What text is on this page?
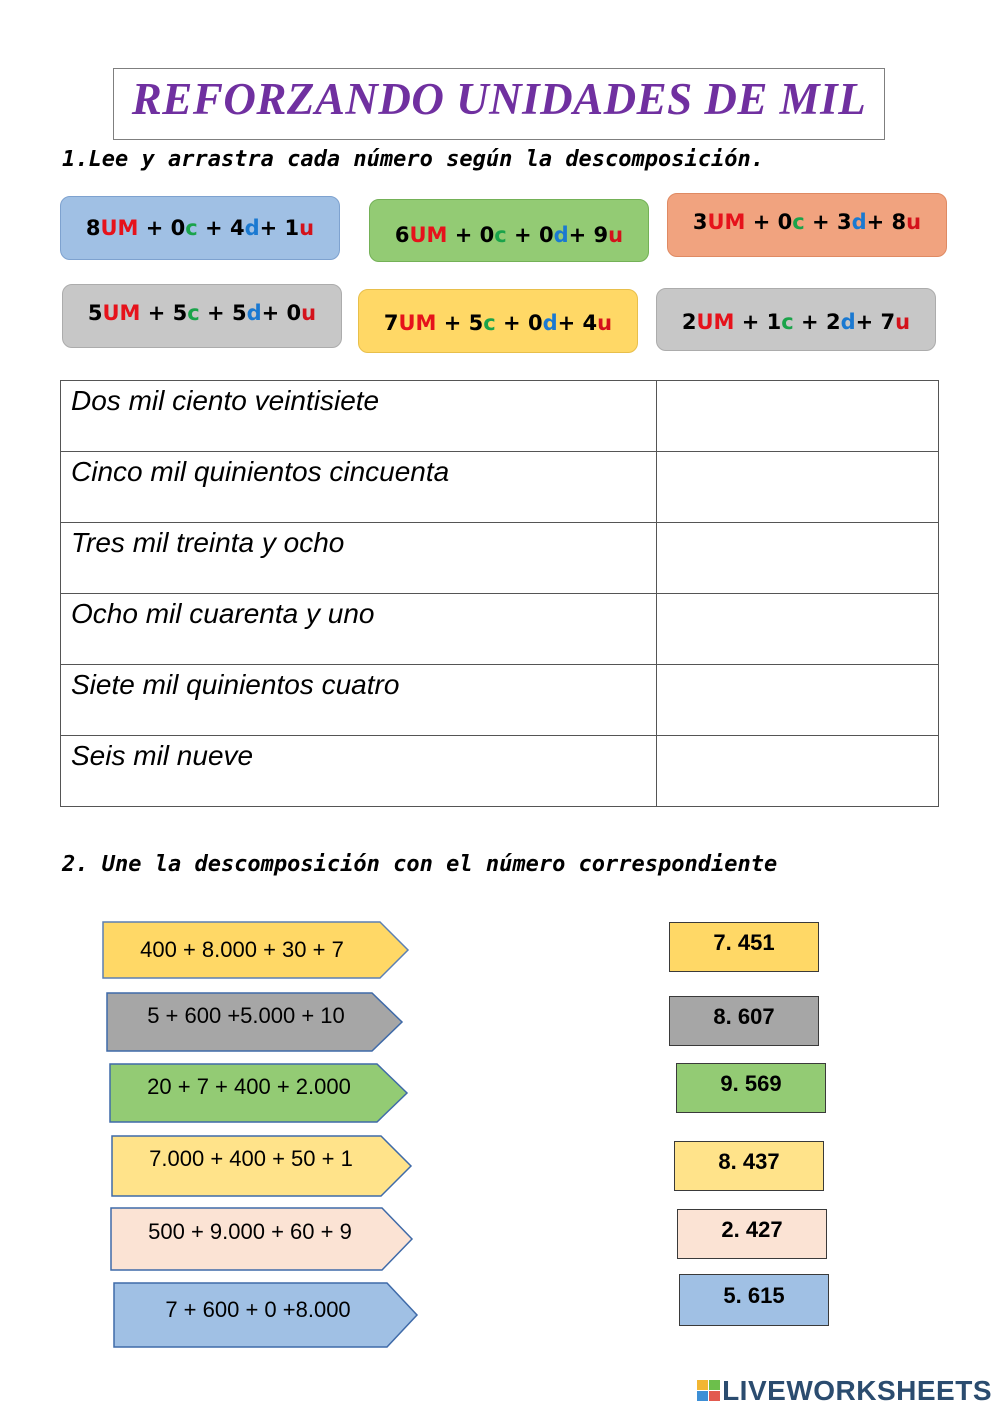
REFORZANDO UNIDADES DE MIL
1.Lee y arrastra cada número según la descomposición.
8 UM + 0 c + 4 d + 1 u	6 UM + 0 c + 0 d + 9 u
3 UM + 0 c + 3 d + 8 u
5 UM + 5 c + 5 d + 0 u	7 UM + 5 c + 0 d + 4 u	2 UM + 1 c + 2 d + 7 u
Dos mil ciento veintisiete	
Cinco mil quinientos cincuenta	
Tres mil treinta y ocho	
Ocho mil cuarenta y uno	
Siete mil quinientos cuatro	
Seis mil nueve	
2. Une la descomposición con el número correspondiente
400 + 8.000 + 30 + 7
5 + 600 +5.000 + 10
20 + 7 + 400 + 2.000
7.000 + 400 + 50 + 1
500 + 9.000 + 60 + 9
7 + 600 + 0 +8.000
7. 451
8. 607
9. 569
8. 437
2. 427
5. 615
LIVEWORKSHEETS
